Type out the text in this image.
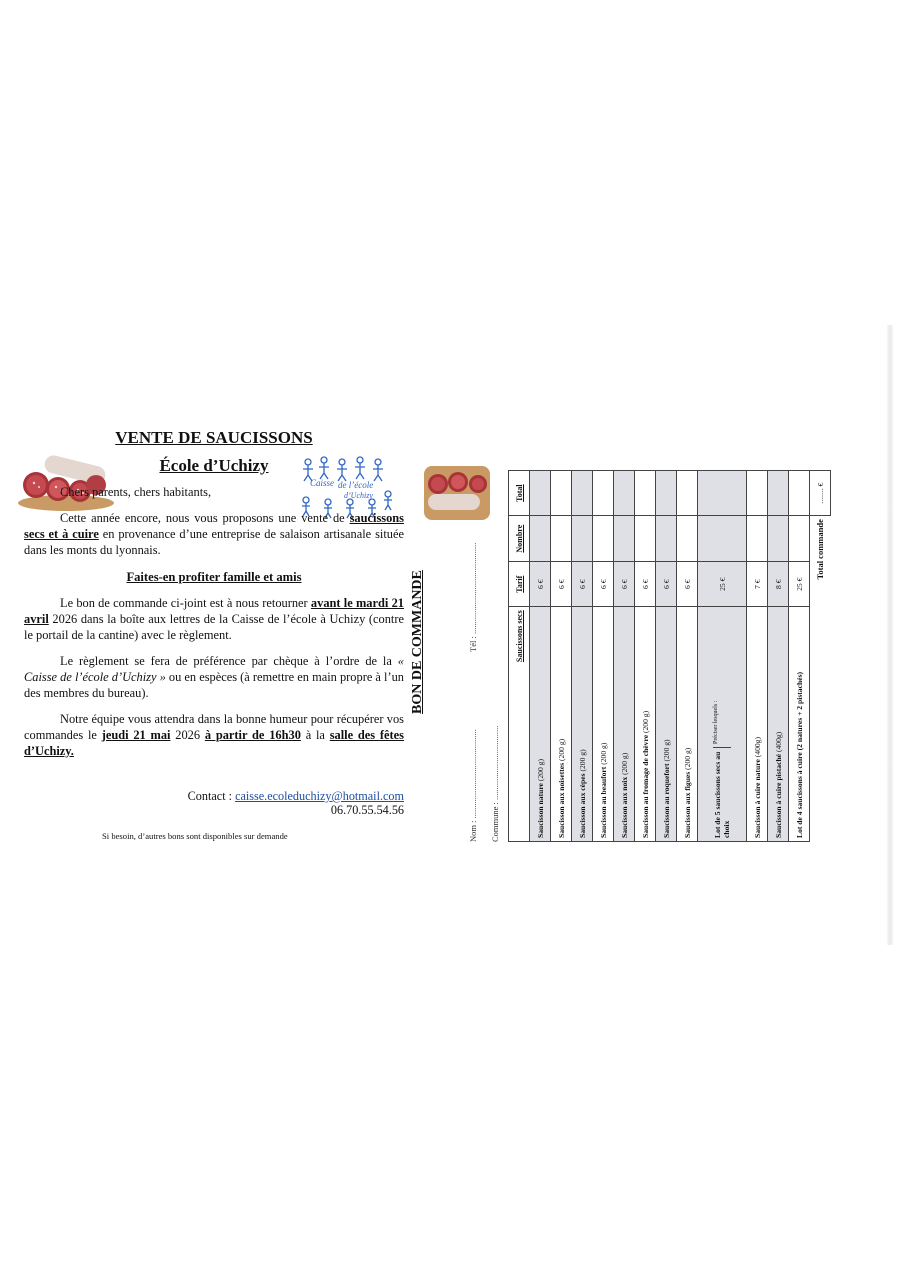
Caisse de l’école
d’Uchizy
VENTE DE SAUCISSONS
École d’Uchizy

Chers parents, chers habitants,

Cette année encore, nous vous proposons une vente de saucissons secs et à cuire en provenance d’une entreprise de salaison artisanale située dans les monts du lyonnais.

Faites-en profiter famille et amis

Le bon de commande ci-joint est à nous retourner avant le mardi 21 avril 2026 dans la boîte aux lettres de la Caisse de l’école à Uchizy (contre le portail de la cantine) avec le règlement.

Le règlement se fera de préférence par chèque à l’ordre de la « Caisse de l’école d’Uchizy » ou en espèces (à remettre en main propre à l’un des membres du bureau).

Notre équipe vous attendra dans la bonne humeur pour récupérer vos commandes le jeudi 21 mai 2026 à partir de 16h30 à la salle des fêtes d’Uchizy.

Contact : caisse.ecoleduchizy@hotmail.com
06.70.55.54.56
Si besoin, d’autres bons sont disponibles sur demande
BON DE COMMANDE
Nom : ..........................................
Tél : ...........................................
Commune : ...................................
Saucissons secs	Tarif	Nombre	Total
Saucisson nature (200 g)	6 €		
Saucisson aux noisettes (200 g)	6 €		
Saucisson aux cèpes (200 g)	6 €		
Saucisson au beaufort (200 g)	6 €		
Saucisson aux noix (200 g)	6 €		
Saucisson au fromage de chèvre (200 g)	6 €		
Saucisson au roquefort (200 g)	6 €		
Saucisson aux figues (200 g)	6 €		

Lot de 5 saucissons secs au choix
Préciser lesquels :	25 €		
Saucisson à cuire nature (400g)	7 €		
Saucisson à cuire pistaché (400g)	8 €		
Lot de 4 saucissons à cuire (2 natures + 2 pistachés)	25 €		
Total commande			........ €
